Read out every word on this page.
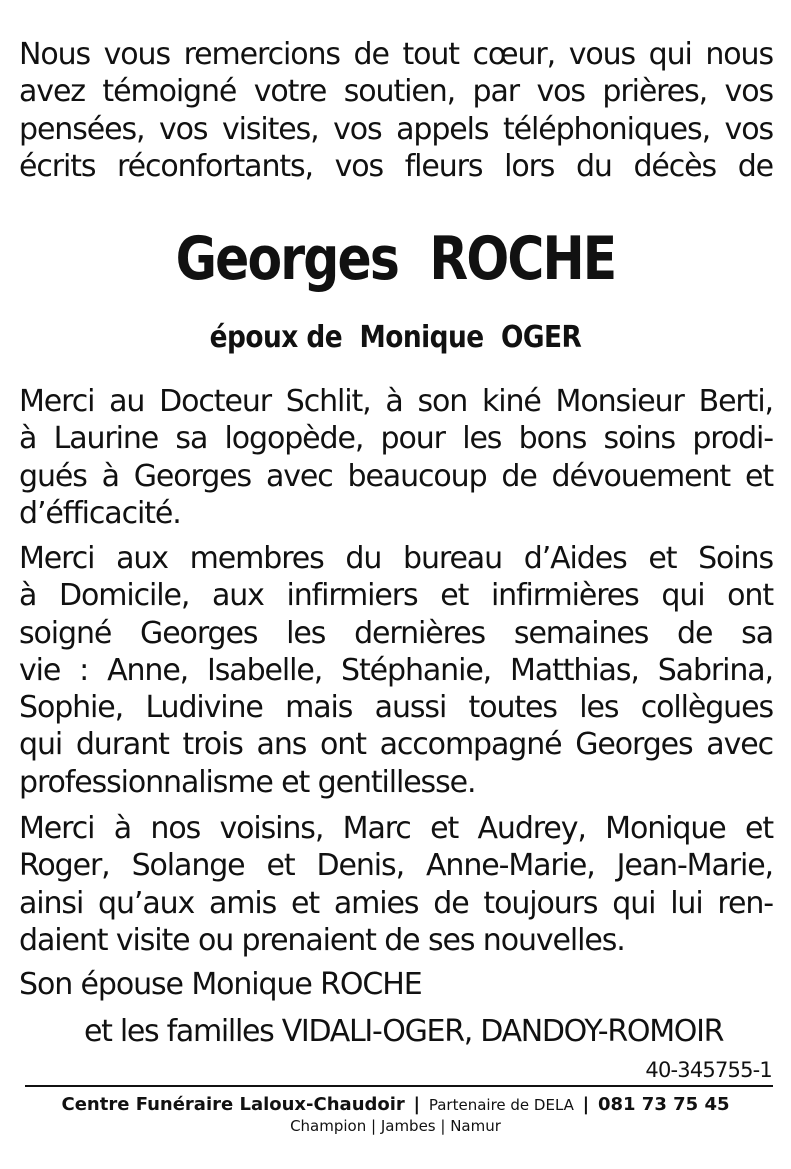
Nous vous remercions de tout cœur, vous qui nous
avez témoigné votre soutien, par vos prières, vos
pensées, vos visites, vos appels téléphoniques, vos
écrits réconfortants, vos fleurs lors du décès de

Georges  ROCHE
époux de  Monique  OGER

Merci au Docteur Schlit, à son kiné Monsieur Berti,
à Laurine sa logopède, pour les bons soins prodi-
gués à Georges avec beaucoup de dévouement et
d’éfficacité.

Merci aux membres du bureau d’Aides et Soins
à Domicile, aux infirmiers et infirmières qui ont
soigné Georges les dernières semaines de sa
vie : Anne, Isabelle, Stéphanie, Matthias, Sabrina,
Sophie, Ludivine mais aussi toutes les collègues
qui durant trois ans ont accompagné Georges avec
professionnalisme et gentillesse.

Merci à nos voisins, Marc et Audrey, Monique et
Roger, Solange et Denis, Anne-Marie, Jean-Marie,
ainsi qu’aux amis et amies de toujours qui lui ren-
daient visite ou prenaient de ses nouvelles.

Son épouse Monique ROCHE
et les familles VIDALI-OGER, DANDOY-ROMOIR
40-345755-1
Centre Funéraire Laloux-Chaudoir | Partenaire de DELA | 081 73 75 45
Champion | Jambes | Namur
